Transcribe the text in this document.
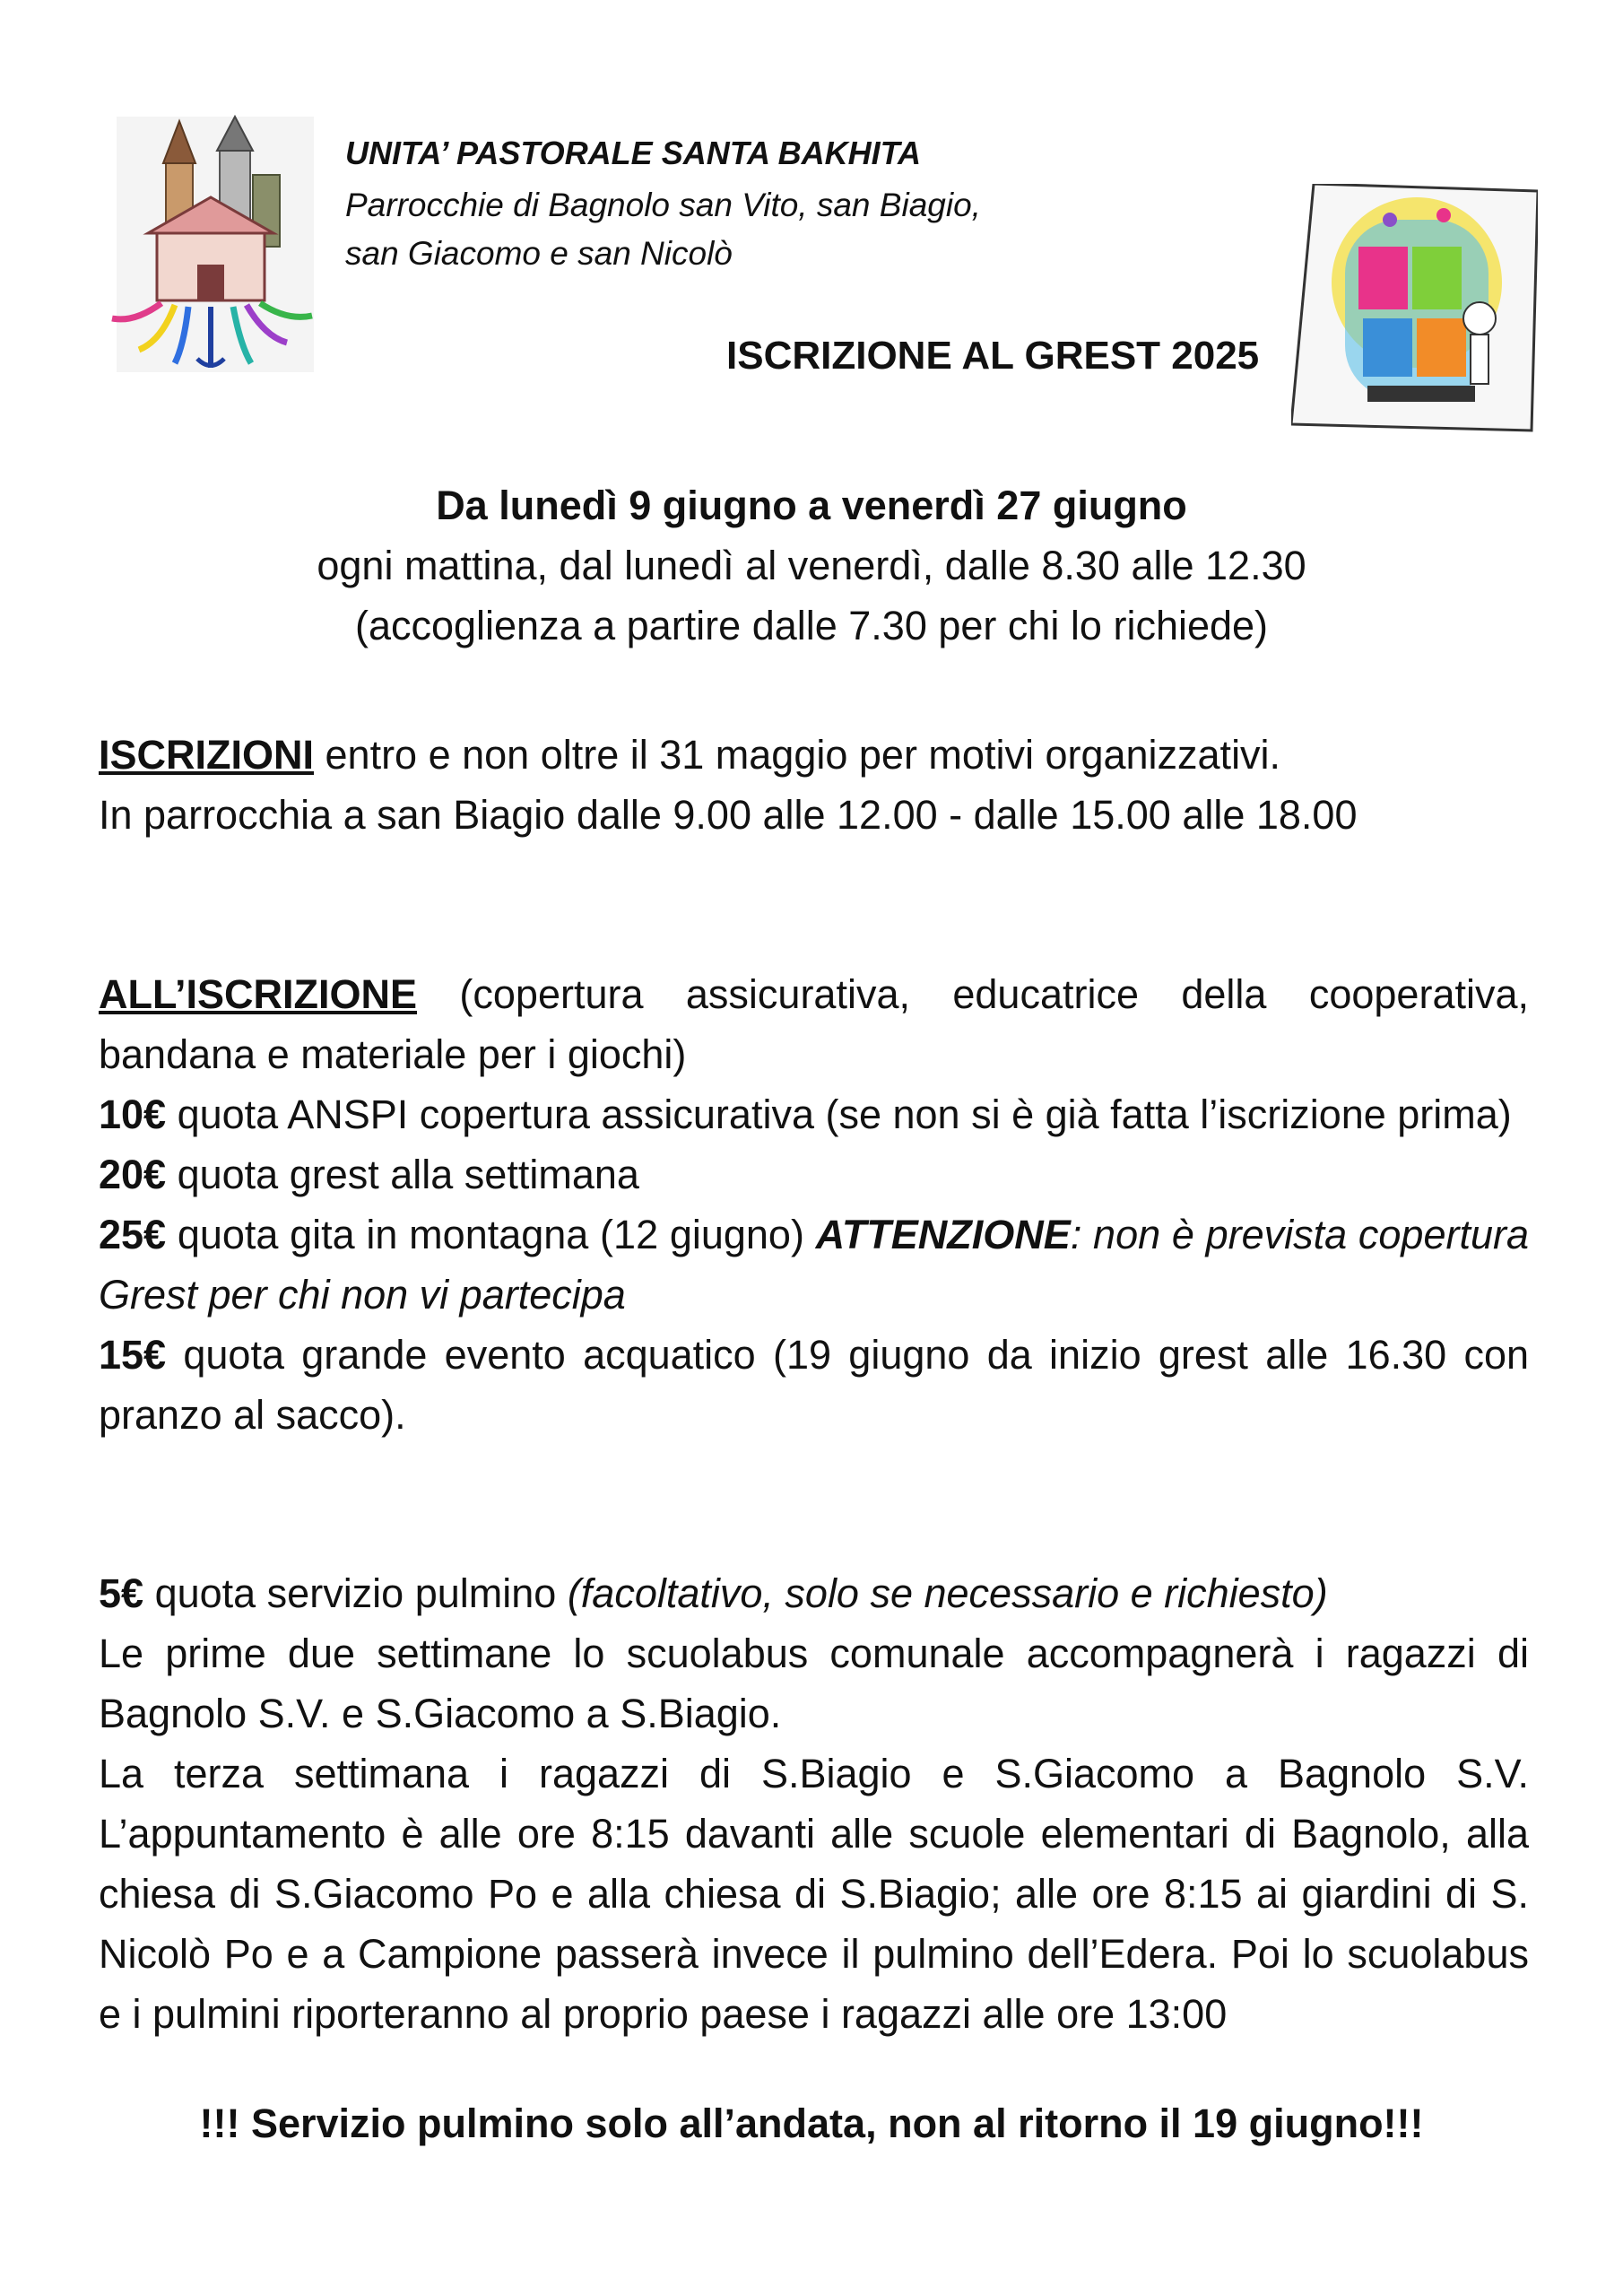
UNITA’ PASTORALE SANTA BAKHITA

Parrocchie di Bagnolo san Vito, san Biagio,

san Giacomo e san Nicolò

ISCRIZIONE AL GREST 2025

Da lunedì 9 giugno a venerdì 27 giugno
ogni mattina, dal lunedì al venerdì, dalle 8.30 alle 12.30
(accoglienza a partire dalle 7.30 per chi lo richiede)
ISCRIZIONI entro e non oltre il 31 maggio per motivi organizzativi.
In parrocchia a san Biagio dalle 9.00 alle 12.00 - dalle 15.00 alle 18.00
ALL’ISCRIZIONE (copertura assicurativa, educatrice della cooperativa, bandana e materiale per i giochi)
10€ quota ANSPI copertura assicurativa (se non si è già fatta l’iscrizione prima)
20€ quota grest alla settimana
25€ quota gita in montagna (12 giugno) ATTENZIONE: non è prevista copertura Grest per chi non vi partecipa
15€ quota grande evento acquatico (19 giugno da inizio grest alle 16.30 con pranzo al sacco).
5€ quota servizio pulmino (facoltativo, solo se necessario e richiesto)
Le prime due settimane lo scuolabus comunale accompagnerà i ragazzi di Bagnolo S.V. e S.Giacomo a S.Biagio.
La terza settimana i ragazzi di S.Biagio e S.Giacomo a Bagnolo S.V. L’appuntamento è alle ore 8:15 davanti alle scuole elementari di Bagnolo, alla chiesa di S.Giacomo Po e alla chiesa di S.Biagio; alle ore 8:15 ai giardini di S. Nicolò Po e a Campione passerà invece il pulmino dell’Edera. Poi lo scuolabus e i pulmini riporteranno al proprio paese i ragazzi alle ore 13:00
!!! Servizio pulmino solo all’andata, non al ritorno il 19 giugno!!!
